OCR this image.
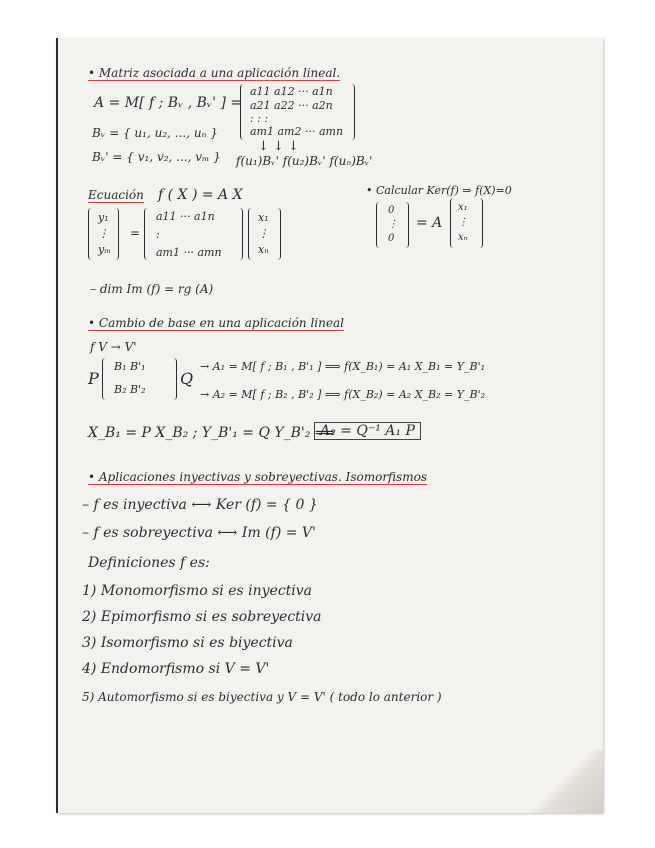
• Matriz asociada a una aplicación lineal.
A = M[ f ; Bᵥ , Bᵥ' ] =
a11 a12 ··· a1n
a21 a22 ··· a2n
: : :
am1 am2 ··· amn
Bᵥ = { u₁, u₂, ..., uₙ }
Bᵥ' = { v₁, v₂, ..., vₘ }
↓ ↓ ↓
f(u₁)Bᵥ' f(u₂)Bᵥ' f(uₙ)Bᵥ'
Ecuación f ( X ) = A X	• Calcular Ker(f) ⇒ f(X)=0
y₁ ⋮ yₘ
=
a11 ··· a1n
:
am1 ··· amn
x₁ ⋮ xₙ
0 ⋮ 0
= A
x₁ ⋮ xₙ
– dim Im (f) = rg (A)
• Cambio de base en una aplicación lineal
f V → V'
P
B₁ B'₁
B₂ B'₂
Q
→ A₁ = M[ f ; B₁ , B'₁ ] ⟹ f(X_B₁) = A₁ X_B₁ = Y_B'₁
→ A₂ = M[ f ; B₂ , B'₂ ] ⟹ f(X_B₂) = A₂ X_B₂ = Y_B'₂
X_B₁ = P X_B₂ ; Y_B'₁ = Q Y_B'₂ ⟹
A₂ = Q⁻¹ A₁ P
• Aplicaciones inyectivas y sobreyectivas. Isomorfismos
– f es inyectiva ⟷ Ker (f) = { 0 }
– f es sobreyectiva ⟷ Im (f) = V'
Definiciones f es:
1) Monomorfismo si es inyectiva
2) Epimorfismo si es sobreyectiva
3) Isomorfismo si es biyectiva
4) Endomorfismo si V = V'
5) Automorfismo si es biyectiva y V = V' ( todo lo anterior )
